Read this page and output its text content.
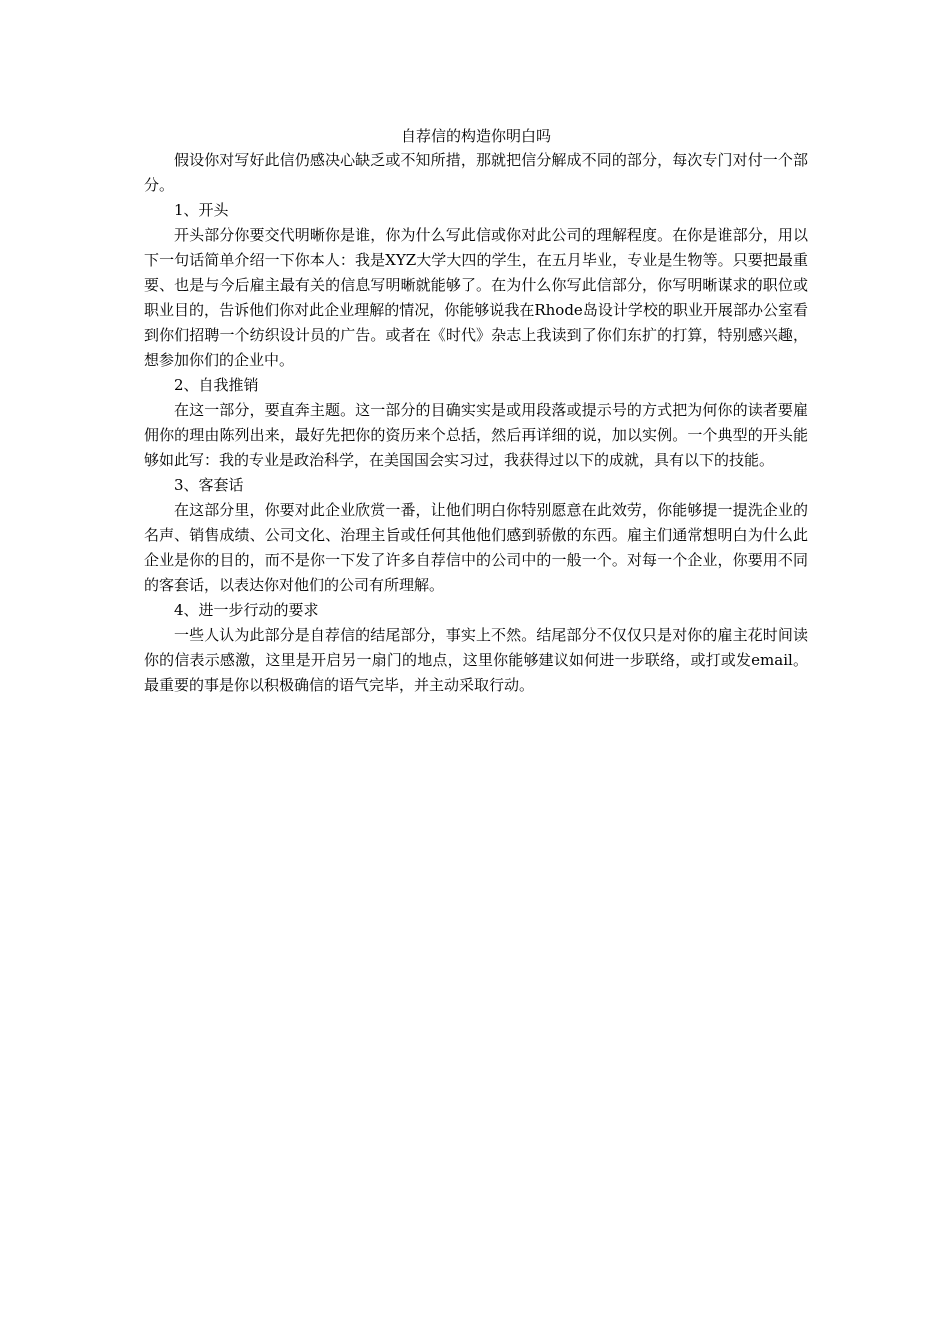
自荐信的构造你明白吗

假设你对写好此信仍感决心缺乏或不知所措，那就把信分解成不同的部分，每次专门对付一个部分。

1、开头

开头部分你要交代明晰你是谁，你为什么写此信或你对此公司的理解程度。在你是谁部分，用以下一句话简单介绍一下你本人：我是XYZ大学大四的学生，在五月毕业，专业是生物等。只要把最重要、也是与今后雇主最有关的信息写明晰就能够了。在为什么你写此信部分，你写明晰谋求的职位或职业目的，告诉他们你对此企业理解的情况，你能够说我在Rhode岛设计学校的职业开展部办公室看到你们招聘一个纺织设计员的广告。或者在《时代》杂志上我读到了你们东扩的打算，特别感兴趣，想参加你们的企业中。

2、自我推销

在这一部分，要直奔主题。这一部分的目确实实是或用段落或提示号的方式把为何你的读者要雇佣你的理由陈列出来，最好先把你的资历来个总括，然后再详细的说，加以实例。一个典型的开头能够如此写：我的专业是政治科学，在美国国会实习过，我获得过以下的成就，具有以下的技能。

3、客套话

在这部分里，你要对此企业欣赏一番，让他们明白你特别愿意在此效劳，你能够提一提洗企业的名声、销售成绩、公司文化、治理主旨或任何其他他们感到骄傲的东西。雇主们通常想明白为什么此企业是你的目的，而不是你一下发了许多自荐信中的公司中的一般一个。对每一个企业，你要用不同的客套话，以表达你对他们的公司有所理解。

4、进一步行动的要求

一些人认为此部分是自荐信的结尾部分，事实上不然。结尾部分不仅仅只是对你的雇主花时间读你的信表示感激，这里是开启另一扇门的地点，这里你能够建议如何进一步联络，或打或发email。最重要的事是你以积极确信的语气完毕，并主动采取行动。
